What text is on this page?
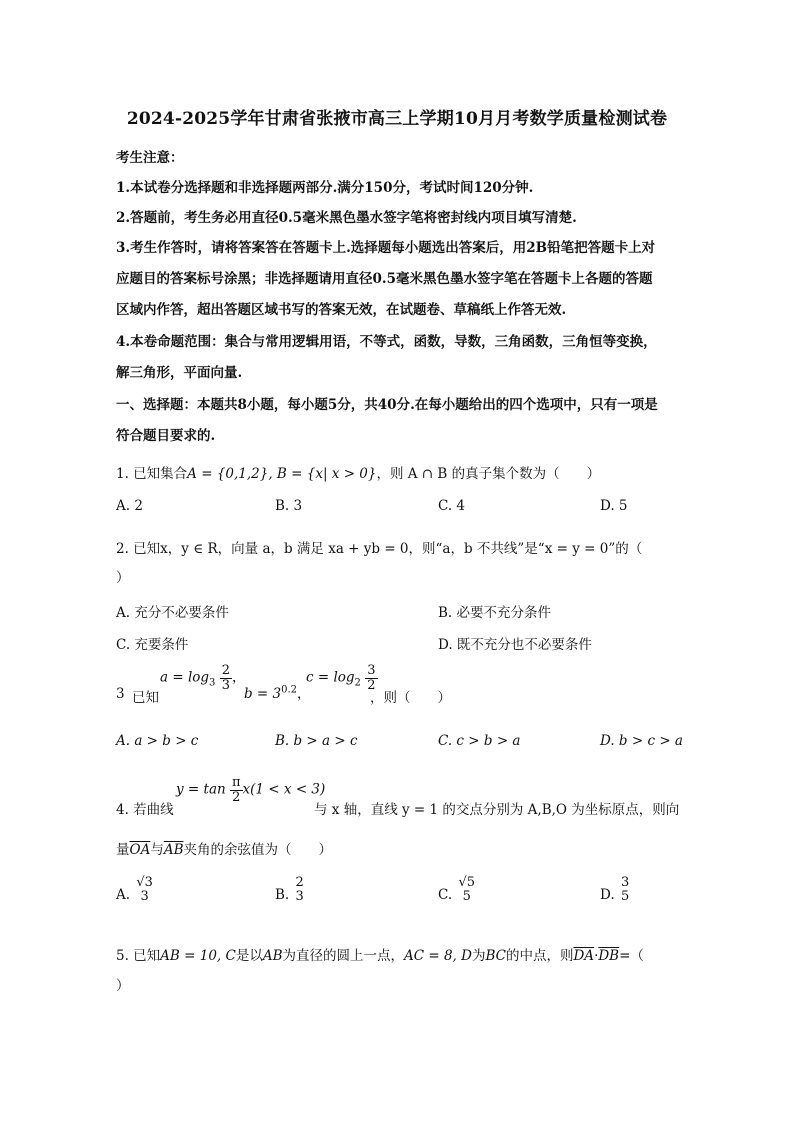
2024-2025学年甘肃省张掖市高三上学期10月月考数学质量检测试卷
考生注意：
1.本试卷分选择题和非选择题两部分.满分150分，考试时间120分钟.
2.答题前，考生务必用直径0.5毫米黑色墨水签字笔将密封线内项目填写清楚.
3.考生作答时，请将答案答在答题卡上.选择题每小题选出答案后，用2B铅笔把答题卡上对
应题目的答案标号涂黑；非选择题请用直径0.5毫米黑色墨水签字笔在答题卡上各题的答题
区域内作答，超出答题区域书写的答案无效，在试题卷、草稿纸上作答无效.
4.本卷命题范围：集合与常用逻辑用语，不等式，函数，导数，三角函数，三角恒等变换，
解三角形，平面向量.
一、选择题：本题共8小题，每小题5分，共40分.在每小题给出的四个选项中，只有一项是
符合题目要求的.
1. 已知集合A = {0,1,2}, B = {x| x > 0}，则 A ∩ B 的真子集个数为（　　）
A. 2	B. 3	C. 4	D. 5
2. 已知x，y ∈ R，向量 a，b 满足 xa + yb = 0，则“a，b 不共线”是“x = y = 0”的（
）
A. 充分不必要条件	B. 必要不充分条件
C. 充要条件	D. 既不充分也不必要条件
3 已知
$a = \log_3 \frac{2}{3}$ ，
$b = 3^{0.2}$，
$c = \log_2 \frac{3}{2}$
，则（　　）
A. a > b > c	B. b > a > c	C. c > b > a	D. b > c > a
4. 若曲线
$y = \tan \frac{\pi}{2} x(1 < x < 3)$
与 x 轴，直线 y = 1 的交点分别为 A,B,O 为坐标原点，则向
量$\overline{OA}$与$\overline{AB}$夹角的余弦值为（　　）
A.
√3
3	B.
2
3	C.
√5
5	D.
3
5
5. 已知AB = 10, C是以AB为直径的圆上一点，AC = 8, D为BC的中点，则$\overline{DA}\cdot\overline{DB}=$（
）
